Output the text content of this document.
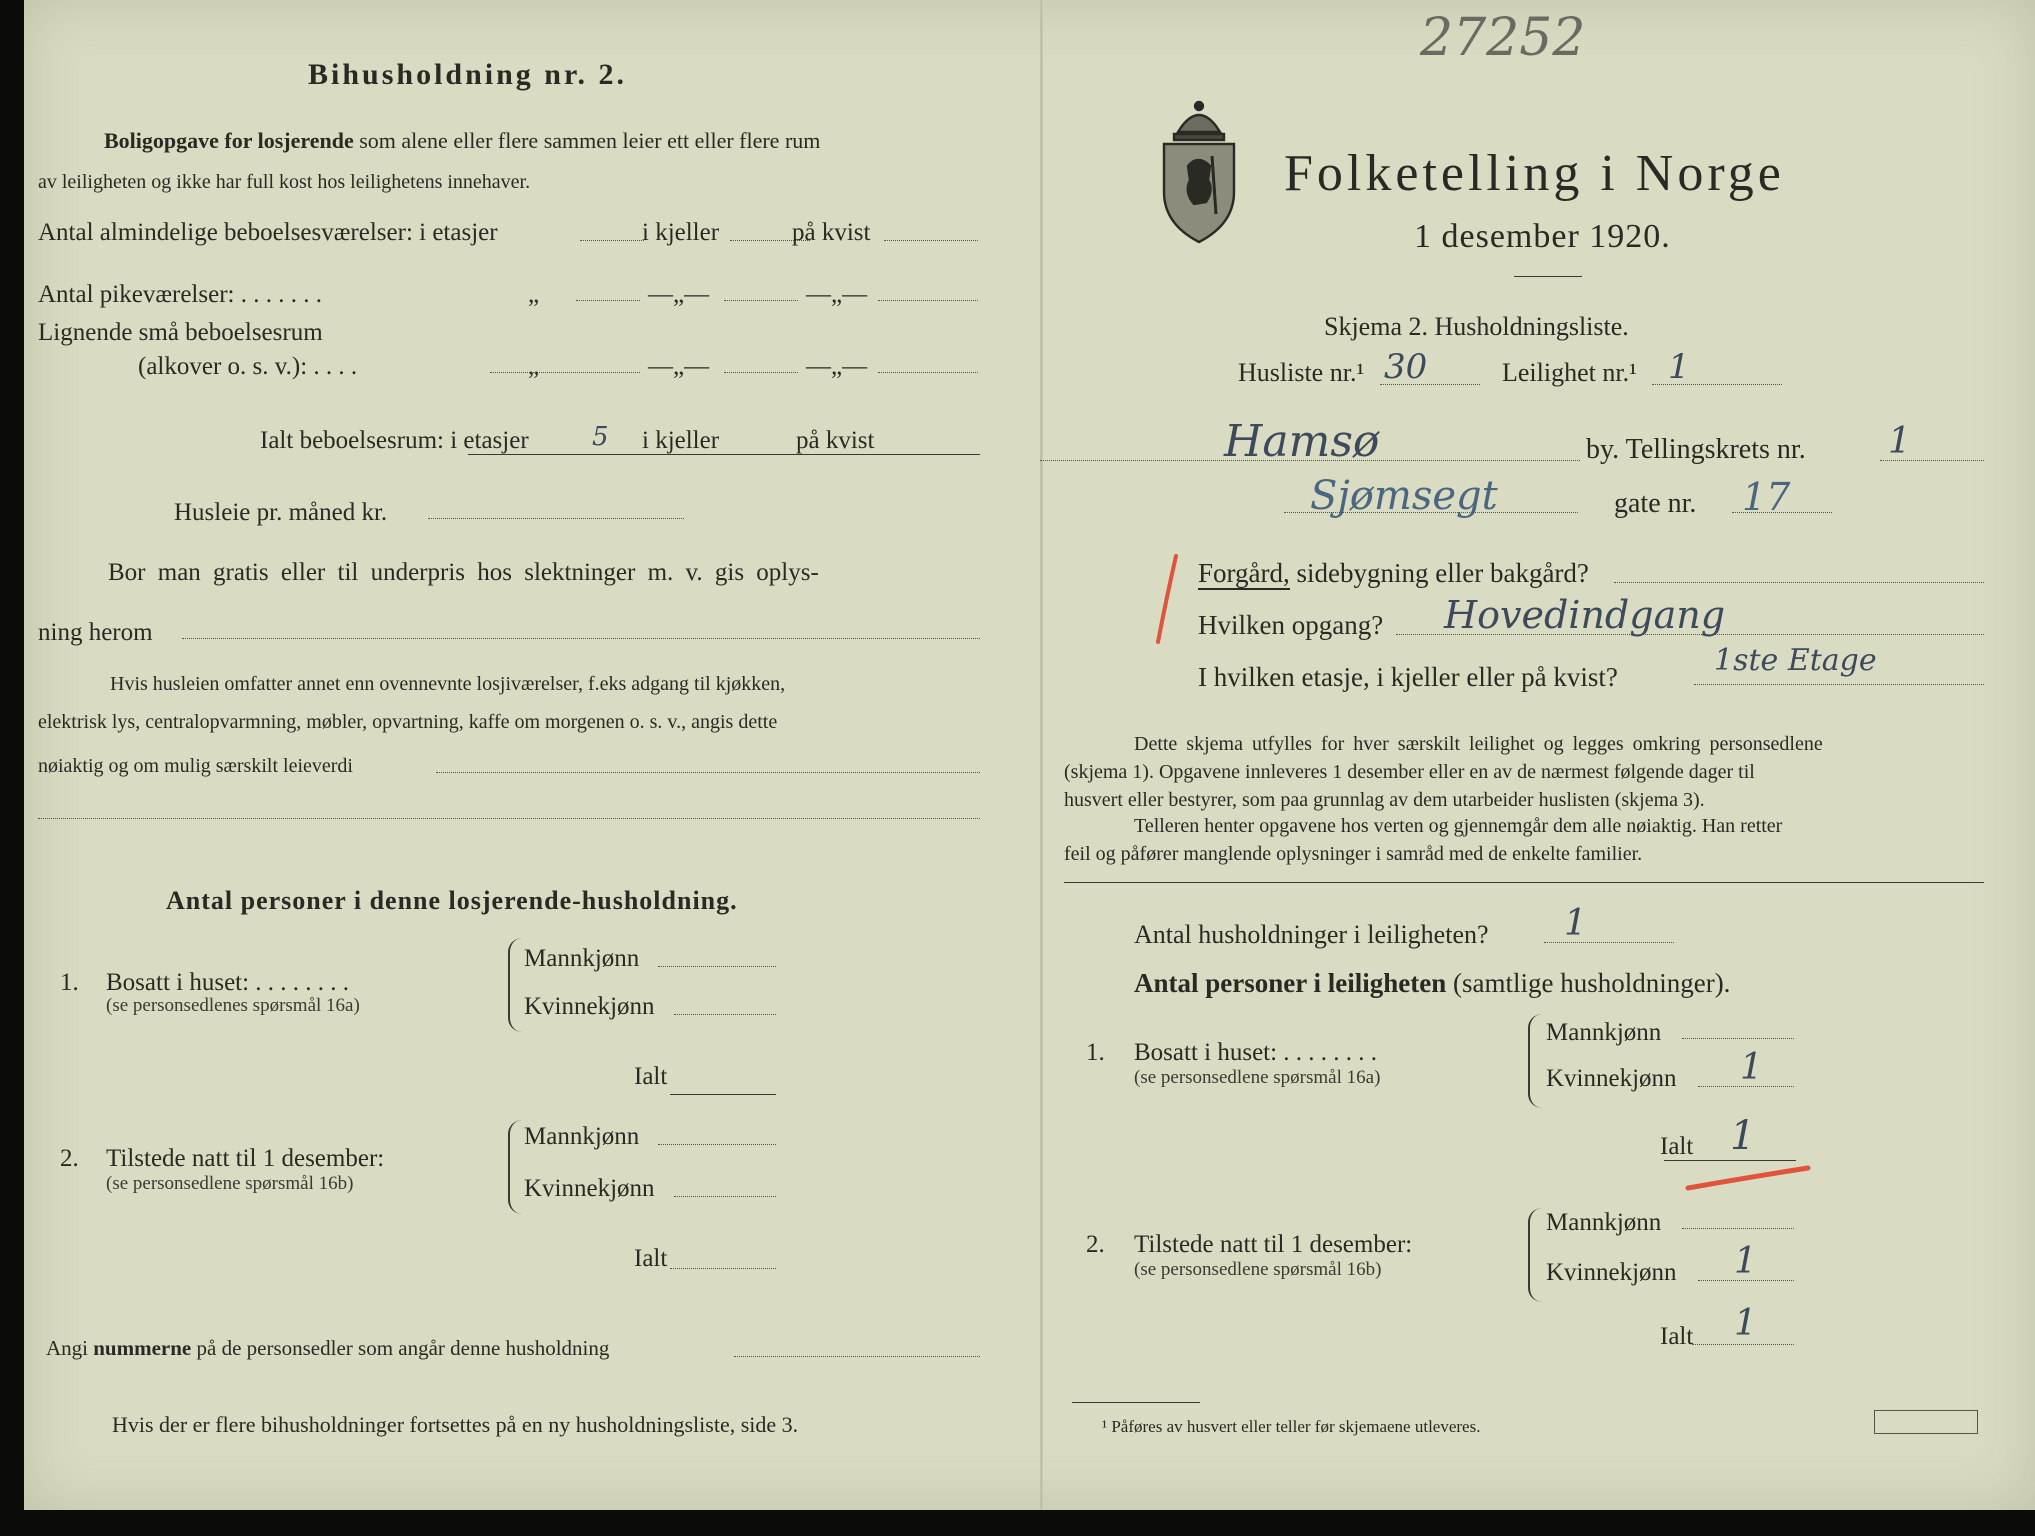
27252
Bihusholdning nr. 2.
Boligopgave for losjerende som alene eller flere sammen leier ett eller flere rum
av leiligheten og ikke har full kost hos leilighetens innehaver.
Antal almindelige beboelsesværelser: i etasjer	i kjeller	på kvist
Antal pikeværelser: . . . . . . .	„	—„—	—„—
Lignende små beboelsesrum
(alkover o. s. v.): . . . .	„	—„—	—„—
Ialt beboelsesrum: i etasjer 5 i kjeller	på kvist
Husleie pr. måned kr.
Bor man gratis eller til underpris hos slektninger m. v. gis oplys-
ning herom
Hvis husleien omfatter annet enn ovennevnte losjiværelser, f.eks adgang til kjøkken,
elektrisk lys, centralopvarmning, møbler, opvartning, kaffe om morgenen o. s. v., angis dette
nøiaktig og om mulig særskilt leieverdi
Antal personer i denne losjerende-husholdning.
1. Bosatt i huset: . . . . . . . .
(se personsedlenes spørsmål 16a)
Mannkjønn
Kvinnekjønn
Ialt
2. Tilstede natt til 1 desember:
(se personsedlene spørsmål 16b)
Mannkjønn
Kvinnekjønn
Ialt
Angi nummerne på de personsedler som angår denne husholdning
Hvis der er flere bihusholdninger fortsettes på en ny husholdningsliste, side 3.
Folketelling i Norge
1 desember 1920.
Skjema 2. Husholdningsliste.
Husliste nr.¹ 30	Leilighet nr.¹ 1
Hamsø	by. Tellingskrets nr. 1
Sjømsegt	gate nr. 17
Forgård, sidebygning eller bakgård?
Hvilken opgang? Hovedindgang
I hvilken etasje, i kjeller eller på kvist?	1ste Etage
Dette skjema utfylles for hver særskilt leilighet og legges omkring personsedlene
(skjema 1). Opgavene innleveres 1 desember eller en av de nærmest følgende dager til
husvert eller bestyrer, som paa grunnlag av dem utarbeider huslisten (skjema 3).
Telleren henter opgavene hos verten og gjennemgår dem alle nøiaktig. Han retter
feil og påfører manglende oplysninger i samråd med de enkelte familier.
Antal husholdninger i leiligheten? 1
Antal personer i leiligheten (samtlige husholdninger).
1. Bosatt i huset: . . . . . . . .
(se personsedlene spørsmål 16a)
Mannkjønn
Kvinnekjønn 1
Ialt 1
2. Tilstede natt til 1 desember:
(se personsedlene spørsmål 16b)
Mannkjønn
Kvinnekjønn 1
Ialt 1
¹ Påføres av husvert eller teller før skjemaene utleveres.
